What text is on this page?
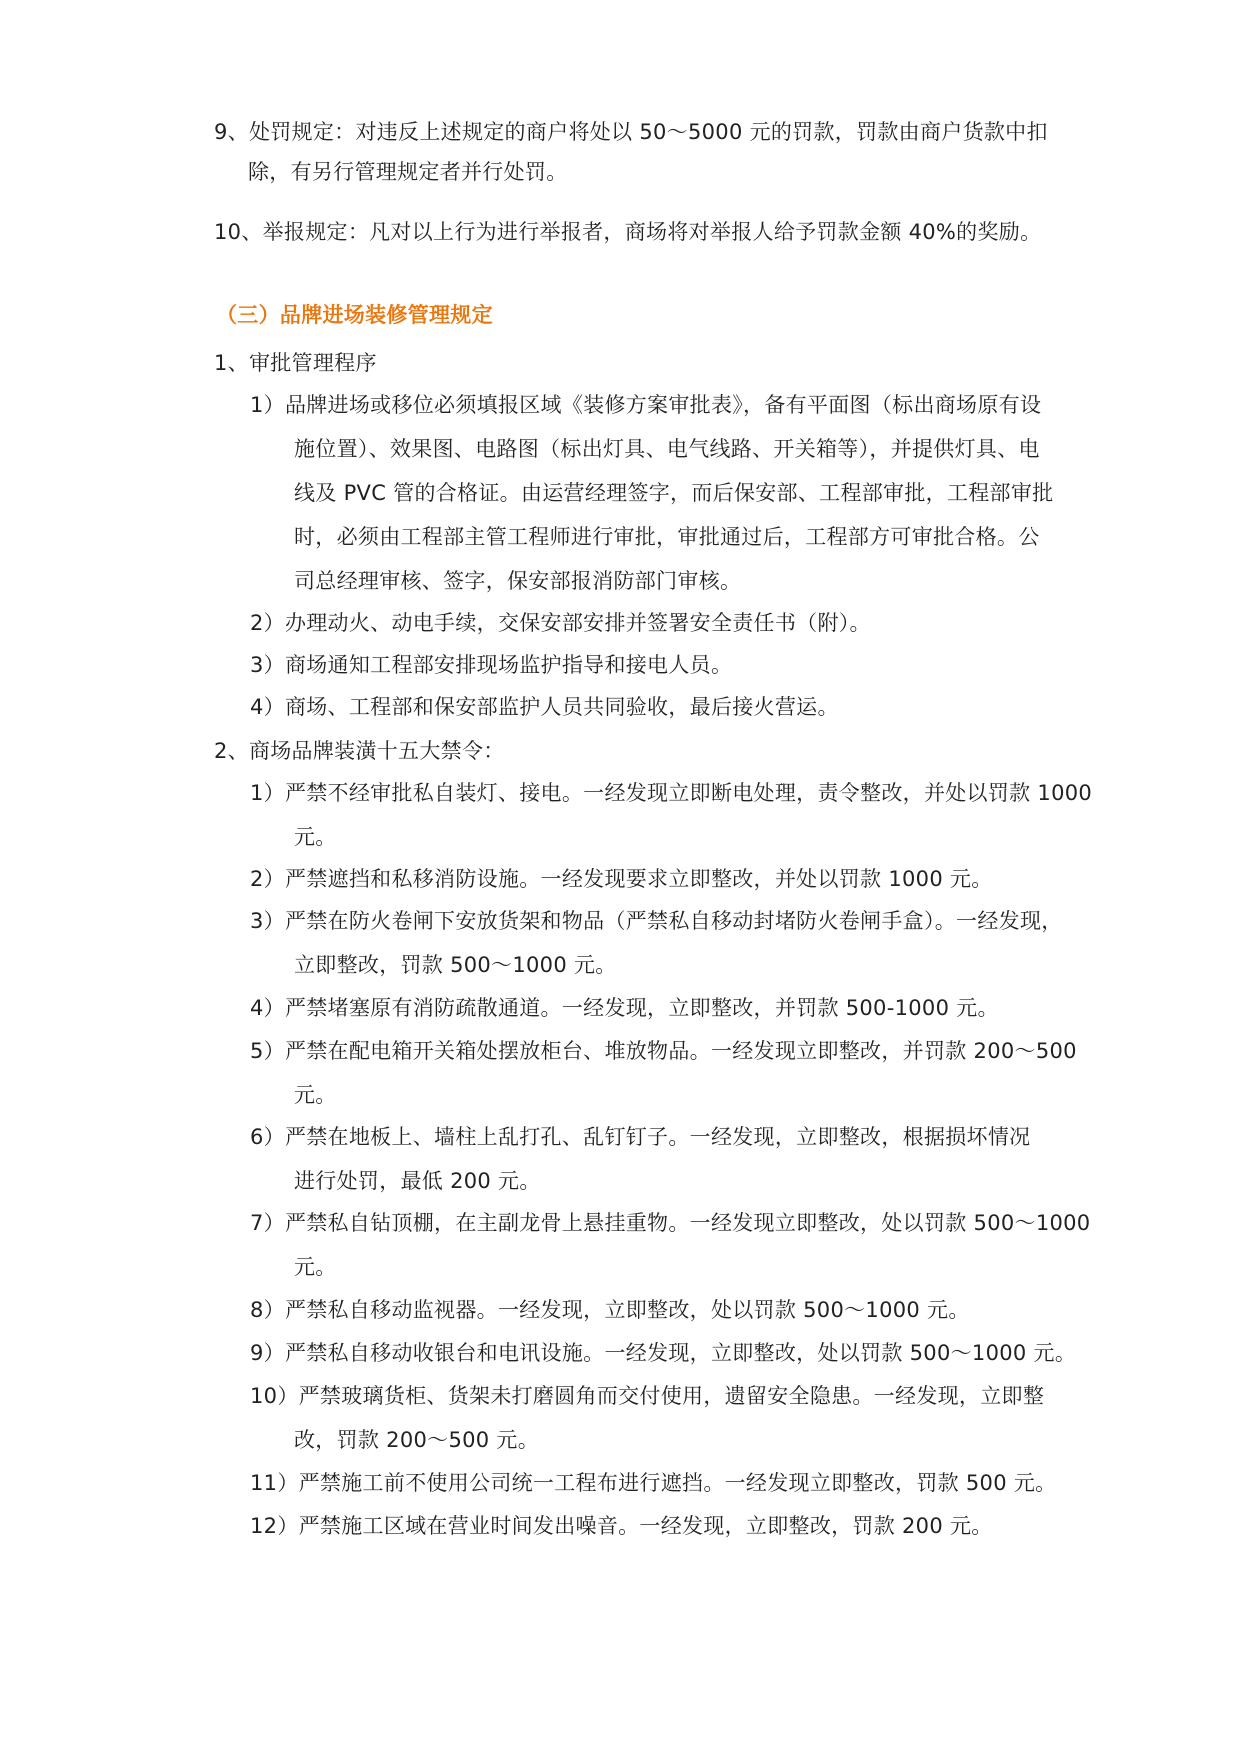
9、处罚规定：对违反上述规定的商户将处以 50～5000 元的罚款，罚款由商户货款中扣
除，有另行管理规定者并行处罚。
10、举报规定：凡对以上行为进行举报者，商场将对举报人给予罚款金额 40%的奖励。
（三）品牌进场装修管理规定
1、审批管理程序
1）品牌进场或移位必须填报区域《装修方案审批表》，备有平面图（标出商场原有设
施位置）、效果图、电路图（标出灯具、电气线路、开关箱等），并提供灯具、电
线及 PVC 管的合格证。由运营经理签字，而后保安部、工程部审批，工程部审批
时，必须由工程部主管工程师进行审批，审批通过后，工程部方可审批合格。公
司总经理审核、签字，保安部报消防部门审核。
2）办理动火、动电手续，交保安部安排并签署安全责任书（附）。
3）商场通知工程部安排现场监护指导和接电人员。
4）商场、工程部和保安部监护人员共同验收，最后接火营运。
2、商场品牌装潢十五大禁令：
1）严禁不经审批私自装灯、接电。一经发现立即断电处理，责令整改，并处以罚款 1000
元。
2）严禁遮挡和私移消防设施。一经发现要求立即整改，并处以罚款 1000 元。
3）严禁在防火卷闸下安放货架和物品（严禁私自移动封堵防火卷闸手盒）。一经发现，
立即整改，罚款 500～1000 元。
4）严禁堵塞原有消防疏散通道。一经发现，立即整改，并罚款 500-1000 元。
5）严禁在配电箱开关箱处摆放柜台、堆放物品。一经发现立即整改，并罚款 200～500
元。
6）严禁在地板上、墙柱上乱打孔、乱钉钉子。一经发现，立即整改，根据损坏情况
进行处罚，最低 200 元。
7）严禁私自钻顶棚，在主副龙骨上悬挂重物。一经发现立即整改，处以罚款 500～1000
元。
8）严禁私自移动监视器。一经发现，立即整改，处以罚款 500～1000 元。
9）严禁私自移动收银台和电讯设施。一经发现，立即整改，处以罚款 500～1000 元。
10）严禁玻璃货柜、货架未打磨圆角而交付使用，遗留安全隐患。一经发现，立即整
改，罚款 200～500 元。
11）严禁施工前不使用公司统一工程布进行遮挡。一经发现立即整改，罚款 500 元。
12）严禁施工区域在营业时间发出噪音。一经发现，立即整改，罚款 200 元。
